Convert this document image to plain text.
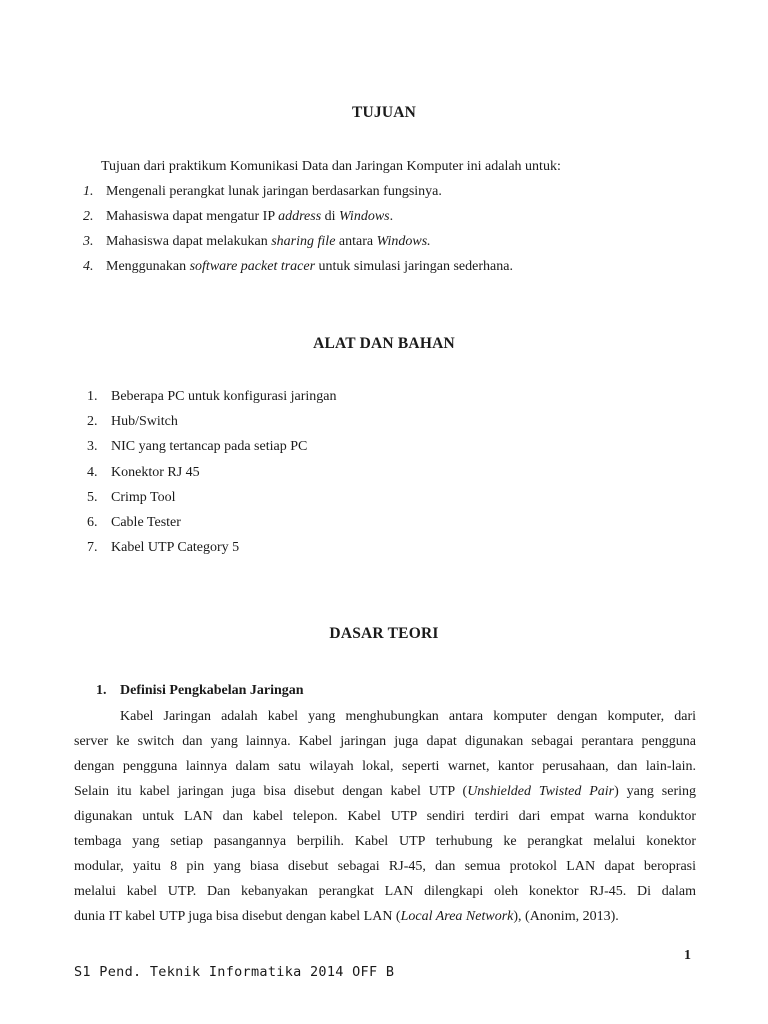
TUJUAN
Tujuan dari praktikum Komunikasi Data dan Jaringan Komputer ini adalah untuk:
1. Mengenali perangkat lunak jaringan berdasarkan fungsinya.
2. Mahasiswa dapat mengatur IP address di Windows.
3. Mahasiswa dapat melakukan sharing file antara Windows.
4. Menggunakan software packet tracer untuk simulasi jaringan sederhana.
ALAT DAN BAHAN
1. Beberapa PC untuk konfigurasi jaringan
2. Hub/Switch
3. NIC yang tertancap pada setiap PC
4. Konektor RJ 45
5. Crimp Tool
6. Cable Tester
7. Kabel UTP Category 5
DASAR TEORI
1. Definisi Pengkabelan Jaringan
Kabel Jaringan adalah kabel yang menghubungkan antara komputer dengan komputer, dari
server ke switch dan yang lainnya. Kabel jaringan juga dapat digunakan sebagai perantara pengguna
dengan pengguna lainnya dalam satu wilayah lokal, seperti warnet, kantor perusahaan, dan lain-lain.
Selain itu kabel jaringan juga bisa disebut dengan kabel UTP (Unshielded Twisted Pair) yang sering
digunakan untuk LAN dan kabel telepon. Kabel UTP sendiri terdiri dari empat warna konduktor
tembaga yang setiap pasangannya berpilih. Kabel UTP terhubung ke perangkat melalui konektor
modular, yaitu 8 pin yang biasa disebut sebagai RJ-45, dan semua protokol LAN dapat beroprasi
melalui kabel UTP. Dan kebanyakan perangkat LAN dilengkapi oleh konektor RJ-45. Di dalam
dunia IT kabel UTP juga bisa disebut dengan kabel LAN (Local Area Network), (Anonim, 2013).
1
S1 Pend. Teknik Informatika 2014 OFF B
